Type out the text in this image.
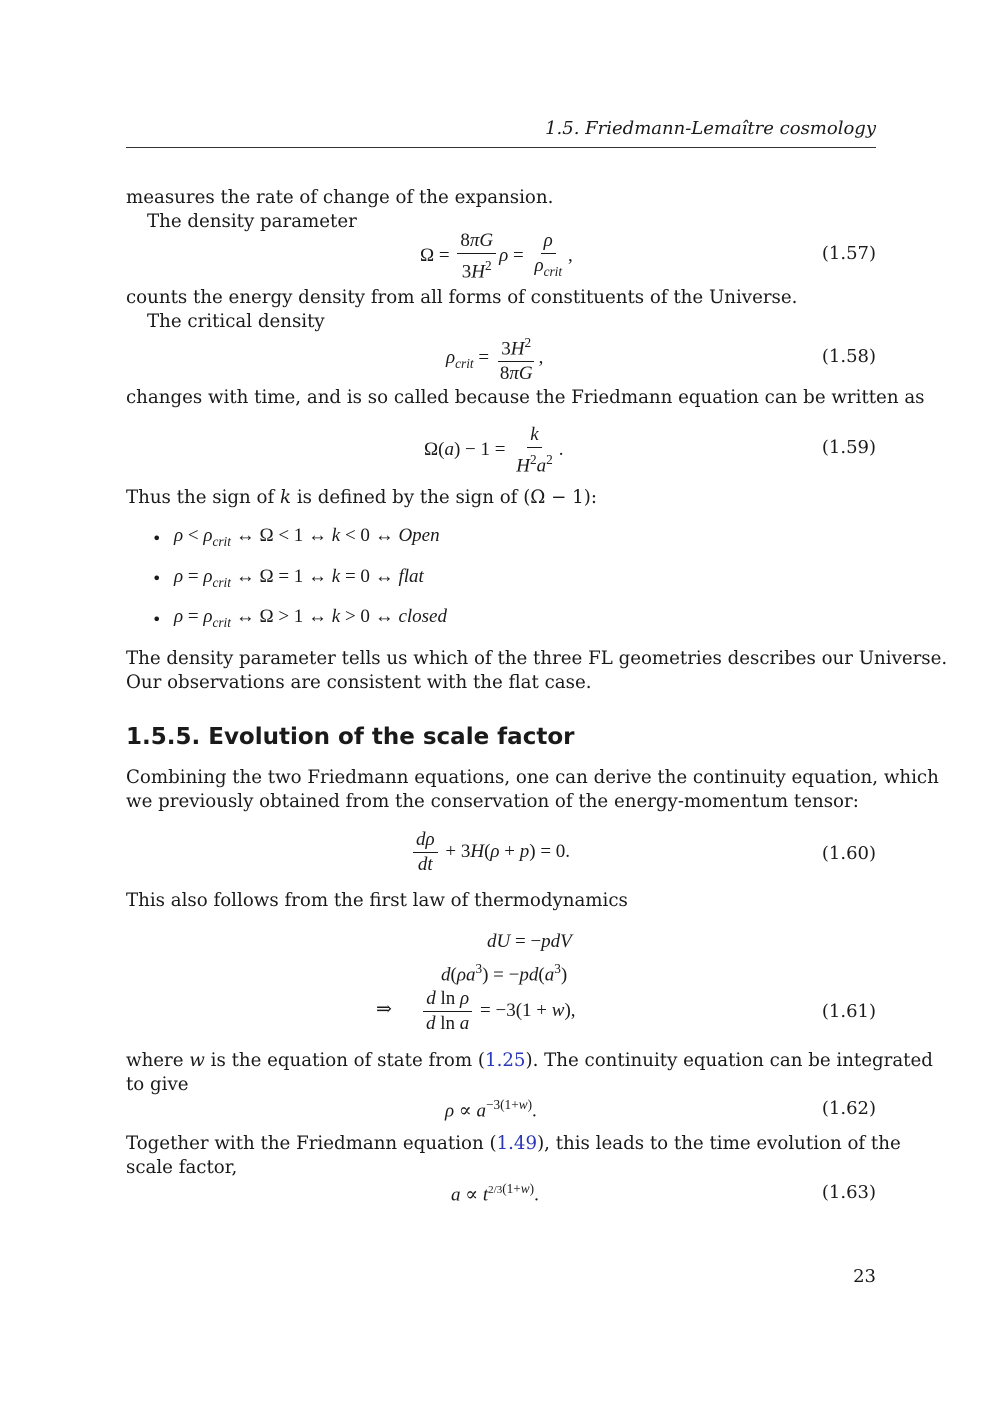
1.5. Friedmann-Lemaître cosmology
measures the rate of change of the expansion.
The density parameter
$\Omega = \frac{8\pi G}{3H^2}$ $\rho = \frac{\rho}{\rho_{crit}}$ ,	(1.57)
counts the energy density from all forms of constituents of the Universe.
The critical density
$\rho_{crit} = \frac{3H^2}{8\pi G}$ ,	(1.58)
changes with time, and is so called because the Friedmann equation can be written as
$\Omega(a) - 1 = \frac{k}{H^2a^2}$ .	(1.59)
Thus the sign of k is defined by the sign of (Ω − 1):
• $\rho < \rho_{crit}$ ↔ Ω < 1 ↔ k < 0 ↔ Open
• $\rho = \rho_{crit}$ ↔ Ω = 1 ↔ k = 0 ↔ flat
• $\rho = \rho_{crit}$ ↔ Ω > 1 ↔ k > 0 ↔ closed
The density parameter tells us which of the three FL geometries describes our Universe.
Our observations are consistent with the flat case.
1.5.5. Evolution of the scale factor
Combining the two Friedmann equations, one can derive the continuity equation, which
we previously obtained from the conservation of the energy-momentum tensor:
$\frac{d\rho}{dt} + 3H(\rho + p) = 0$.	(1.60)
This also follows from the first law of thermodynamics
dU = −pdV
$d(\rho a^3) = -pd(a^3)$
⇒ $\frac{\text{d ln ρ}}{\text{d ln a}} = -3(1 + w)$,	(1.61)
where w is the equation of state from (1.25). The continuity equation can be integrated
to give
$\rho \propto a^{-3(1+w)}$.	(1.62)
Together with the Friedmann equation (1.49), this leads to the time evolution of the
scale factor,
$a \propto t^{2/3(1+w)}$.	(1.63)
23
